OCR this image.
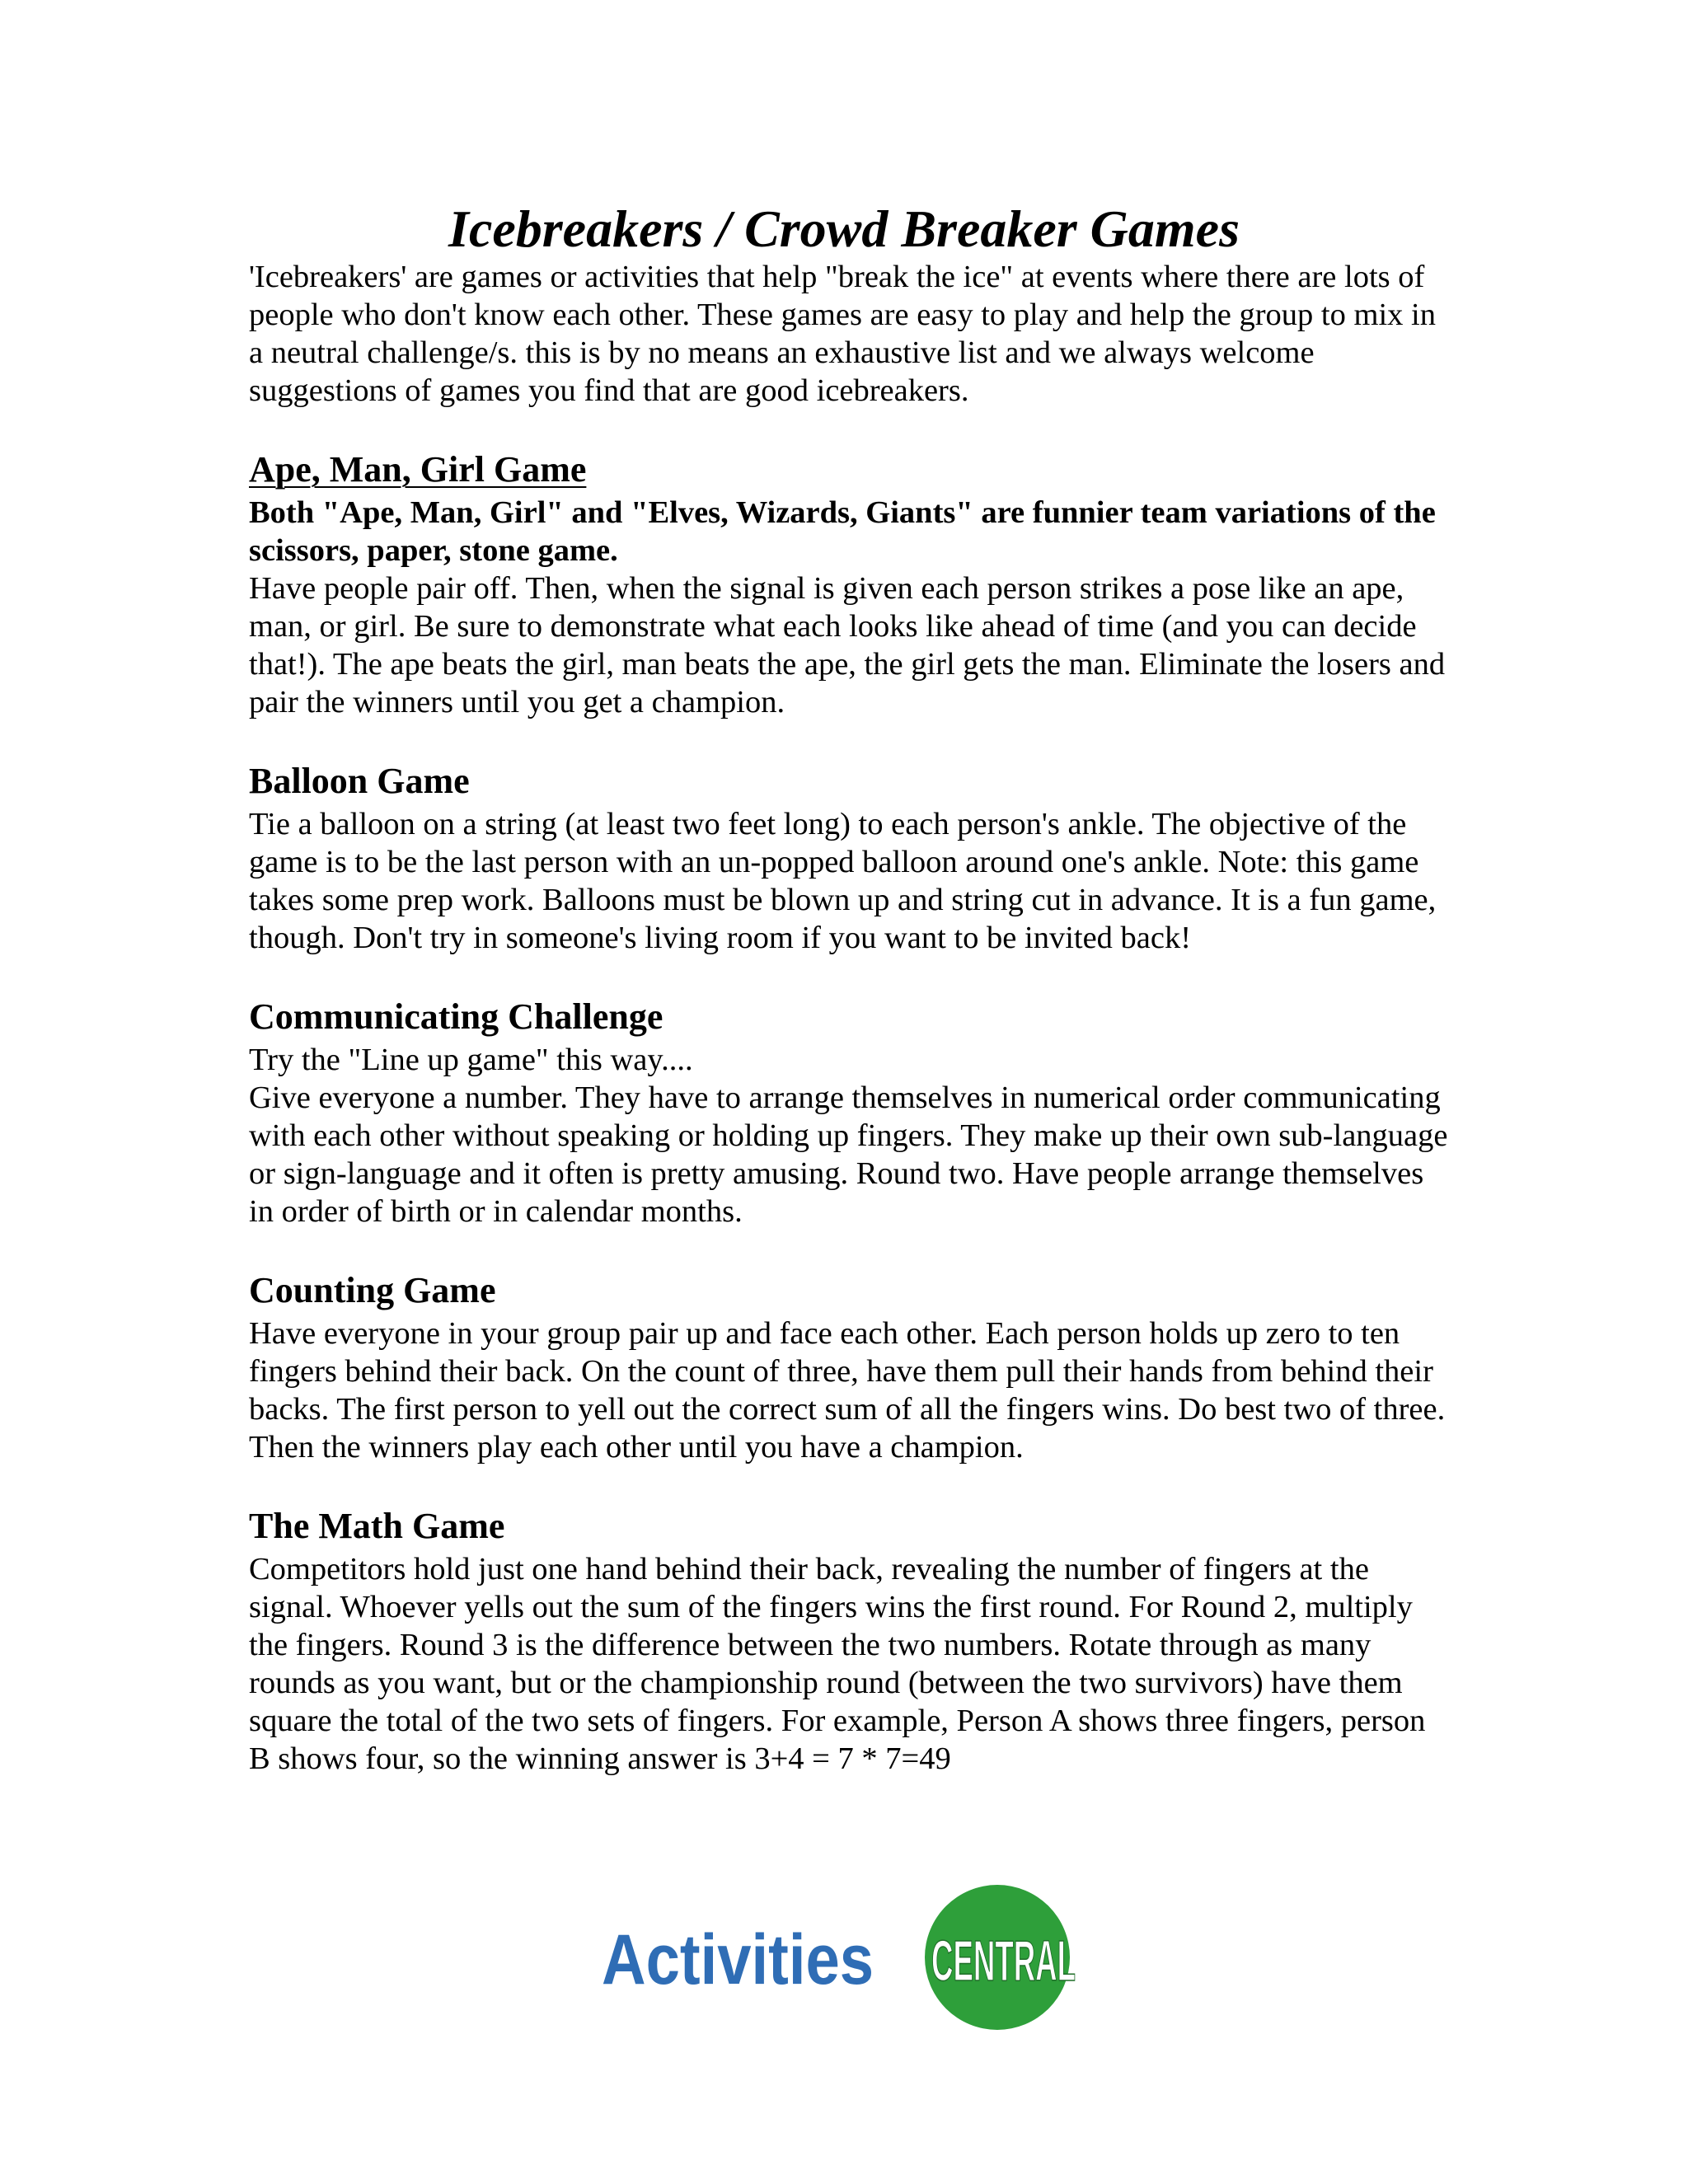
Icebreakers / Crowd Breaker Games

'Icebreakers' are games or activities that help "break the ice" at events where there are lots of people who don't know each other. These games are easy to play and help the group to mix in a neutral challenge/s. this is by no means an exhaustive list and we always welcome suggestions of games you find that are good icebreakers.

Ape, Man, Girl Game

Both "Ape, Man, Girl" and "Elves, Wizards, Giants" are funnier team variations of the scissors, paper, stone game.

Have people pair off. Then, when the signal is given each person strikes a pose like an ape, man, or girl. Be sure to demonstrate what each looks like ahead of time (and you can decide that!). The ape beats the girl, man beats the ape, the girl gets the man. Eliminate the losers and pair the winners until you get a champion.

Balloon Game

Tie a balloon on a string (at least two feet long) to each person's ankle. The objective of the game is to be the last person with an un-popped balloon around one's ankle. Note: this game takes some prep work. Balloons must be blown up and string cut in advance. It is a fun game, though. Don't try in someone's living room if you want to be invited back!

Communicating Challenge

Try the "Line up game" this way....

Give everyone a number. They have to arrange themselves in numerical order communicating with each other without speaking or holding up fingers. They make up their own sub-language or sign-language and it often is pretty amusing. Round two. Have people arrange themselves in order of birth or in calendar months.

Counting Game

Have everyone in your group pair up and face each other. Each person holds up zero to ten fingers behind their back. On the count of three, have them pull their hands from behind their backs. The first person to yell out the correct sum of all the fingers wins. Do best two of three. Then the winners play each other until you have a champion.

The Math Game

Competitors hold just one hand behind their back, revealing the number of fingers at the signal. Whoever yells out the sum of the fingers wins the first round. For Round 2, multiply the fingers. Round 3 is the difference between the two numbers. Rotate through as many rounds as you want, but or the championship round (between the two survivors) have them square the total of the two sets of fingers. For example, Person A shows three fingers, person B shows four, so the winning answer is 3+4 = 7 * 7=49

Activities CENTRAL
